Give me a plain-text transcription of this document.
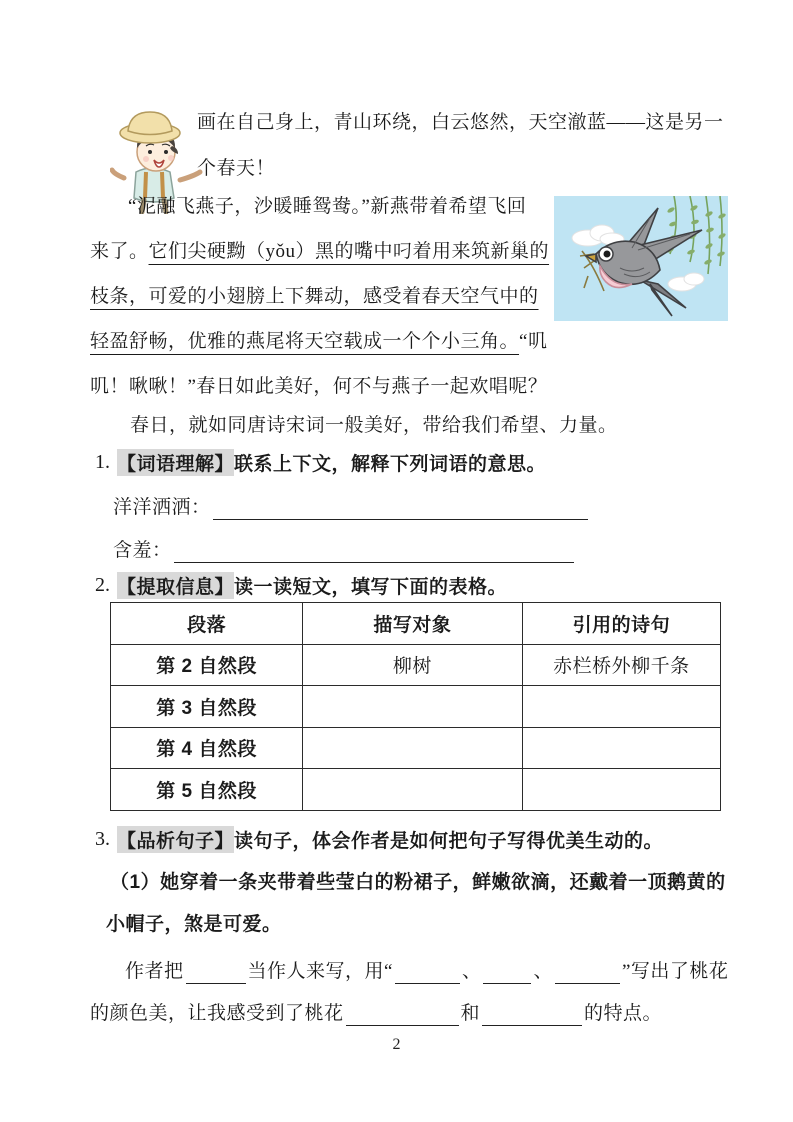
画在自己身上，青山环绕，白云悠然，天空澈蓝——这是另一
个春天！
“泥融飞燕子，沙暖睡鸳鸯。”新燕带着希望飞回
来了。 它们尖硬黝（yǒu）黑的嘴中叼着用来筑新巢的
枝条，可爱的小翅膀上下舞动，感受着春天空气中的
轻盈舒畅，优雅的燕尾将天空载成一个个小三角。 “叽
叽！啾啾！”春日如此美好，何不与燕子一起欢唱呢？
春日，就如同唐诗宋词一般美好，带给我们希望、力量。
1. 【词语理解】 联系上下文，解释下列词语的意思。
洋洋洒洒：
含羞：
2. 【提取信息】 读一读短文，填写下面的表格。
段落	描写对象	引用的诗句
第 2 自然段	柳树	赤栏桥外柳千条
第 3 自然段		
第 4 自然段		
第 5 自然段		
3. 【品析句子】 读句子，体会作者是如何把句子写得优美生动的。
（1）她穿着一条夹带着些莹白的粉裙子，鲜嫩欲滴，还戴着一顶鹅黄的
小帽子，煞是可爱。
作者把	当作人来写，用“	、	、	”写出了桃花
的颜色美，让我感受到了桃花	和	的特点。
2
